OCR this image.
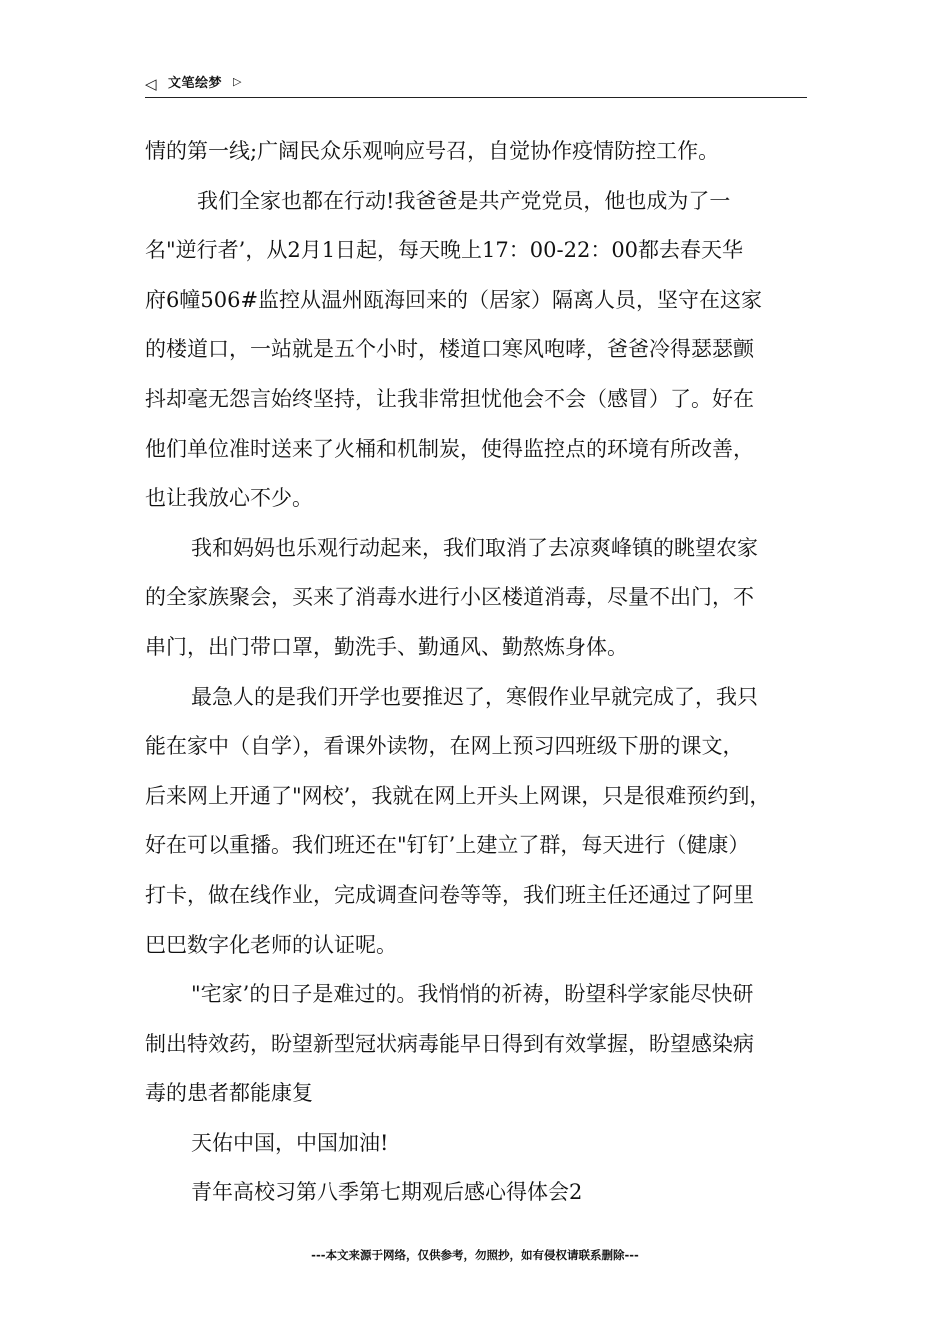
◁ 文笔绘梦 ▷
情的第一线;广阔民众乐观响应号召，自觉协作疫情防控工作。
我们全家也都在行动!我爸爸是共产党党员，他也成为了一
名"逆行者’，从2月1日起，每天晚上17：00-22：00都去春天华
府6幢506#监控从温州瓯海回来的（居家）隔离人员，坚守在这家
的楼道口，一站就是五个小时，楼道口寒风咆哮，爸爸冷得瑟瑟颤
抖却毫无怨言始终坚持，让我非常担忧他会不会（感冒）了。好在
他们单位准时送来了火桶和机制炭，使得监控点的环境有所改善，
也让我放心不少。
我和妈妈也乐观行动起来，我们取消了去凉爽峰镇的眺望农家
的全家族聚会，买来了消毒水进行小区楼道消毒，尽量不出门，不
串门，出门带口罩，勤洗手、勤通风、勤熬炼身体。
最急人的是我们开学也要推迟了，寒假作业早就完成了，我只
能在家中（自学），看课外读物，在网上预习四班级下册的课文，
后来网上开通了"网校’，我就在网上开头上网课，只是很难预约到，
好在可以重播。我们班还在"钉钉’上建立了群，每天进行（健康）
打卡，做在线作业，完成调查问卷等等，我们班主任还通过了阿里
巴巴数字化老师的认证呢。
"宅家’的日子是难过的。我悄悄的祈祷，盼望科学家能尽快研
制出特效药，盼望新型冠状病毒能早日得到有效掌握，盼望感染病
毒的患者都能康复
天佑中国，中国加油!
青年高校习第八季第七期观后感心得体会2
---本文来源于网络，仅供参考，勿照抄，如有侵权请联系删除---
